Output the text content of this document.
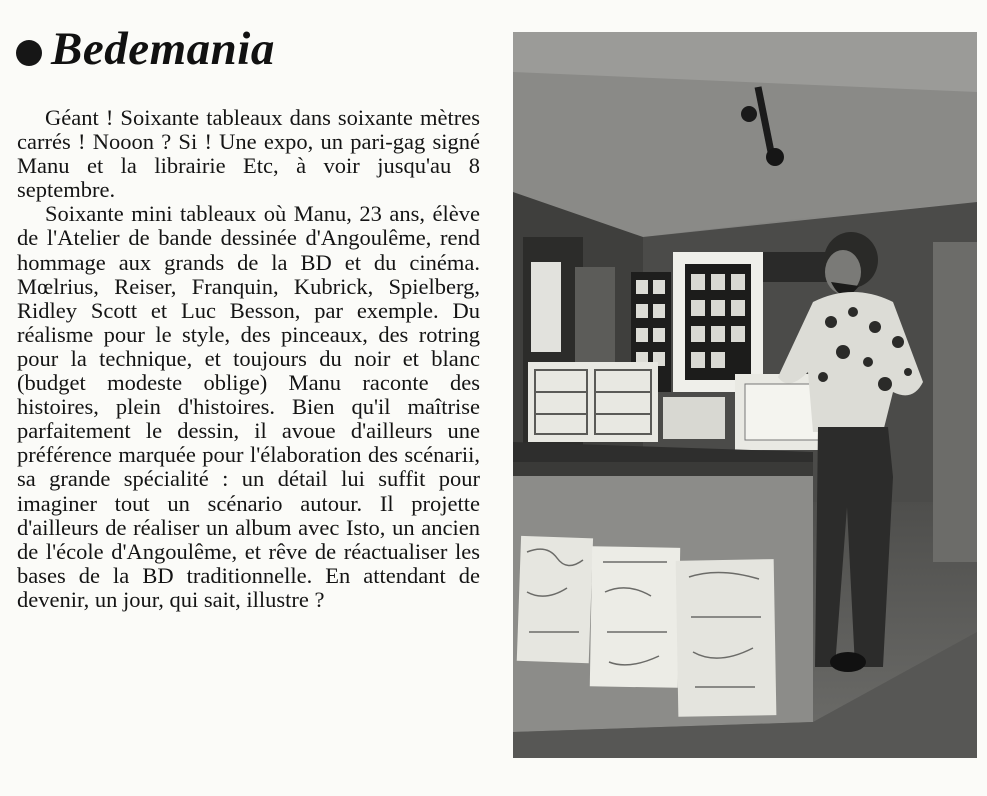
Bedemania

Géant ! Soixante tableaux dans soixante mètres carrés ! Nooon ? Si ! Une expo, un pari-gag signé Manu et la librairie Etc, à voir jusqu'au 8 septembre.

Soixante mini tableaux où Manu, 23 ans, élève de l'Atelier de bande dessinée d'Angoulême, rend hommage aux grands de la BD et du cinéma. Mœlrius, Reiser, Franquin, Kubrick, Spielberg, Ridley Scott et Luc Besson, par exemple. Du réalisme pour le style, des pinceaux, des rotring pour la technique, et toujours du noir et blanc (budget modeste oblige) Manu raconte des histoires, plein d'histoires. Bien qu'il maîtrise parfaitement le dessin, il avoue d'ailleurs une préférence marquée pour l'élaboration des scénarii, sa grande spécialité : un détail lui suffit pour imaginer tout un scénario autour. Il projette d'ailleurs de réaliser un album avec Isto, un ancien de l'école d'Angoulême, et rêve de réactualiser les bases de la BD traditionnelle. En attendant de devenir, un jour, qui sait, illustre ?
